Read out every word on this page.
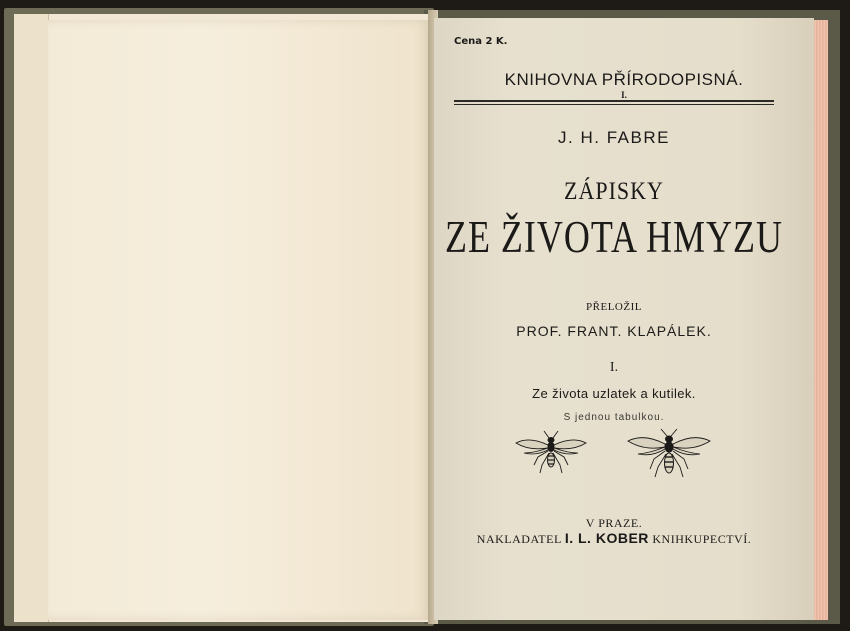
Cena 2 K.
KNIHOVNA PŘÍRODOPISNÁ.
I.
J. H. FABRE
ZÁPISKY
ZE ŽIVOTA HMYZU
PŘELOŽIL
PROF. FRANT. KLAPÁLEK.
I.
Ze života uzlatek a kutilek.
S jednou tabulkou.
V PRAZE.
NAKLADATEL I. L. KOBER KNIHKUPECTVÍ.
